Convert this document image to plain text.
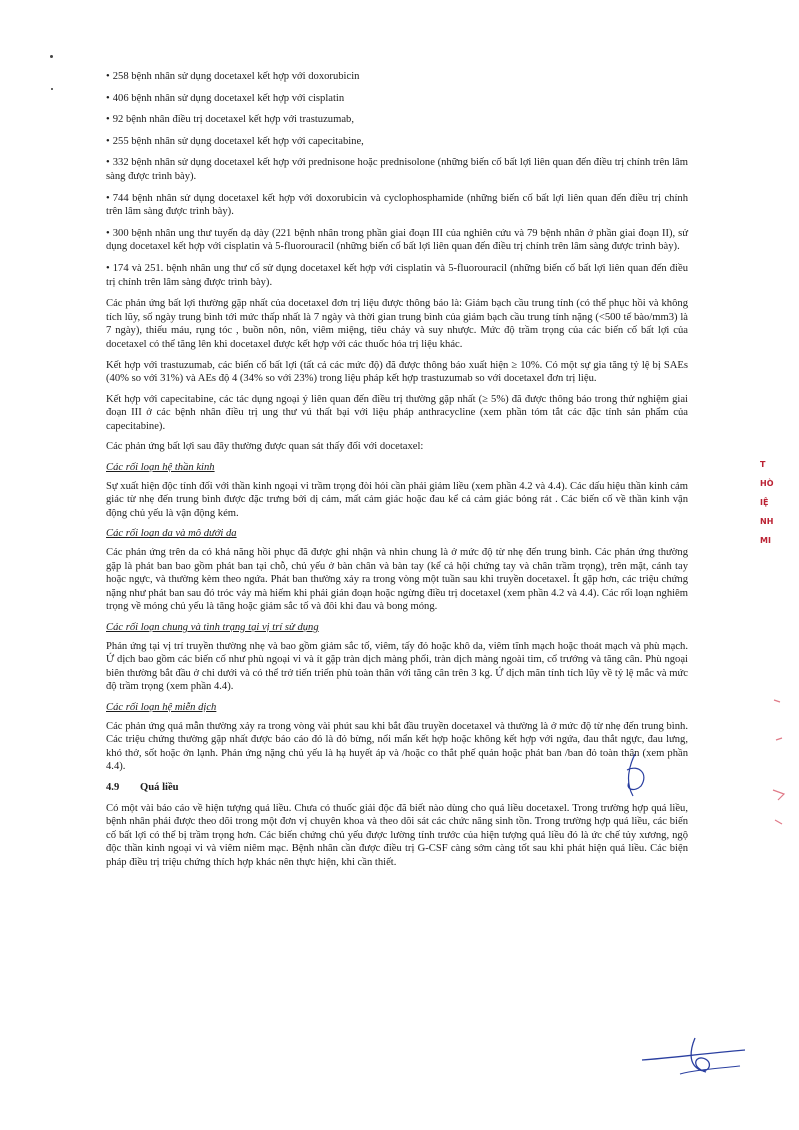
• 258 bệnh nhân sử dụng docetaxel kết hợp với doxorubicin

• 406 bệnh nhân sử dụng docetaxel kết hợp với cisplatin

• 92 bệnh nhân điều trị docetaxel kết hợp với trastuzumab,

• 255 bệnh nhân sử dụng docetaxel kết hợp với capecitabine,

• 332 bệnh nhân sử dụng docetaxel kết hợp với prednisone hoặc prednisolone (những biến cố bất lợi liên quan đến điều trị chính trên lâm sàng được trình bày).

• 744 bệnh nhân sử dụng docetaxel kết hợp với doxorubicin và cyclophosphamide (những biến cố bất lợi liên quan đến điều trị chính trên lâm sàng được trình bày).

• 300 bệnh nhân ung thư tuyến dạ dày (221 bệnh nhân trong phần giai đoạn III của nghiên cứu và 79 bệnh nhân ở phần giai đoạn II), sử dụng docetaxel kết hợp với cisplatin và 5-fluorouracil (những biến cố bất lợi liên quan đến điều trị chính trên lâm sàng được trình bày).

• 174 và 251. bệnh nhân ung thư cổ sử dụng docetaxel kết hợp với cisplatin và 5-fluorouracil (những biến cố bất lợi liên quan đến điều trị chính trên lâm sàng được trình bày).

Các phản ứng bất lợi thường gặp nhất của docetaxel đơn trị liệu được thông báo là: Giảm bạch cầu trung tính (có thể phục hồi và không tích lũy, số ngày trung bình tới mức thấp nhất là 7 ngày và thời gian trung bình của giảm bạch cầu trung tính nặng (<500 tế bào/mm3) là 7 ngày), thiếu máu, rụng tóc , buồn nôn, nôn, viêm miệng, tiêu chảy và suy nhược. Mức độ trầm trọng của các biến cố bất lợi của docetaxel có thể tăng lên khi docetaxel được kết hợp với các thuốc hóa trị liệu khác.

Kết hợp với trastuzumab, các biến cố bất lợi (tất cả các mức độ) đã được thông báo xuất hiện ≥ 10%. Có một sự gia tăng tỷ lệ bị SAEs (40% so với 31%) và AEs độ 4 (34% so với 23%) trong liệu pháp kết hợp trastuzumab so với docetaxel đơn trị liệu.

Kết hợp với capecitabine, các tác dụng ngoại ý liên quan đến điều trị thường gặp nhất (≥ 5%) đã được thông báo trong thử nghiệm giai đoạn III ở các bệnh nhân điều trị ung thư vú thất bại với liệu pháp anthracycline (xem phần tóm tắt các đặc tính sản phẩm của capecitabine).

Các phản ứng bất lợi sau đây thường được quan sát thấy đối với docetaxel:

Các rối loạn hệ thần kinh

Sự xuất hiện độc tính đối với thần kinh ngoại vi trầm trọng đòi hỏi cần phải giảm liều (xem phần 4.2 và 4.4). Các dấu hiệu thần kinh cảm giác từ nhẹ đến trung bình được đặc trưng bởi dị cảm, mất cảm giác hoặc đau kể cả cảm giác bỏng rát . Các biến cố về thần kinh vận động chủ yếu là vận động kém.

Các rối loạn da và mô dưới da

Các phản ứng trên da có khả năng hồi phục đã được ghi nhận và nhìn chung là ở mức độ từ nhẹ đến trung bình. Các phản ứng thường gặp là phát ban bao gồm phát ban tại chỗ, chủ yếu ở bàn chân và bàn tay (kể cả hội chứng tay và chân trầm trọng), trên mặt, cánh tay hoặc ngực, và thường kèm theo ngứa. Phát ban thường xảy ra trong vòng một tuần sau khi truyền docetaxel. Ít gặp hơn, các triệu chứng nặng như phát ban sau đó tróc vảy mà hiếm khi phải gián đoạn hoặc ngừng điều trị docetaxel (xem phần 4.2 và 4.4). Các rối loạn nghiêm trọng về móng chủ yếu là tăng hoặc giảm sắc tố và đôi khi đau và bong móng.

Các rối loạn chung và tình trạng tại vị trí sử dụng

Phản ứng tại vị trí truyền thường nhẹ và bao gồm giảm sắc tố, viêm, tấy đỏ hoặc khô da, viêm tĩnh mạch hoặc thoát mạch và phù mạch. Ứ dịch bao gồm các biến cố như phù ngoại vi và ít gặp tràn dịch màng phổi, tràn dịch màng ngoài tim, cổ trướng và tăng cân. Phù ngoại biên thường bắt đầu ở chi dưới và có thể trở tiến triển phù toàn thân với tăng cân trên 3 kg. Ứ dịch mãn tính tích lũy về tỷ lệ mắc và mức độ trầm trọng (xem phần 4.4).

Các rối loạn hệ miễn dịch

Các phản ứng quá mẫn thường xảy ra trong vòng vài phút sau khi bắt đầu truyền docetaxel và thường là ở mức độ từ nhẹ đến trung bình. Các triệu chứng thường gặp nhất được báo cáo đó là đỏ bừng, nổi mẩn kết hợp hoặc không kết hợp với ngứa, đau thắt ngực, đau lưng, khó thở, sốt hoặc ớn lạnh. Phản ứng nặng chủ yếu là hạ huyết áp và /hoặc co thắt phế quản hoặc phát ban /ban đỏ toàn thân (xem phần 4.4).

4.9 Quá liều

Có một vài báo cáo về hiện tượng quá liều. Chưa có thuốc giải độc đã biết nào dùng cho quá liều docetaxel. Trong trường hợp quá liều, bệnh nhân phải được theo dõi trong một đơn vị chuyên khoa và theo dõi sát các chức năng sinh tồn. Trong trường hợp quá liều, các biến cố bất lợi có thể bị trầm trọng hơn. Các biến chứng chủ yếu được lường tính trước của hiện tượng quá liều đó là ức chế tủy xương, ngộ độc thần kinh ngoại vi và viêm niêm mạc. Bệnh nhân cần được điều trị G-CSF càng sớm càng tốt sau khi phát hiện quá liều. Các biện pháp điều trị triệu chứng thích hợp khác nên thực hiện, khi cần thiết.

T
HÒ
IỆ
NH
MI
